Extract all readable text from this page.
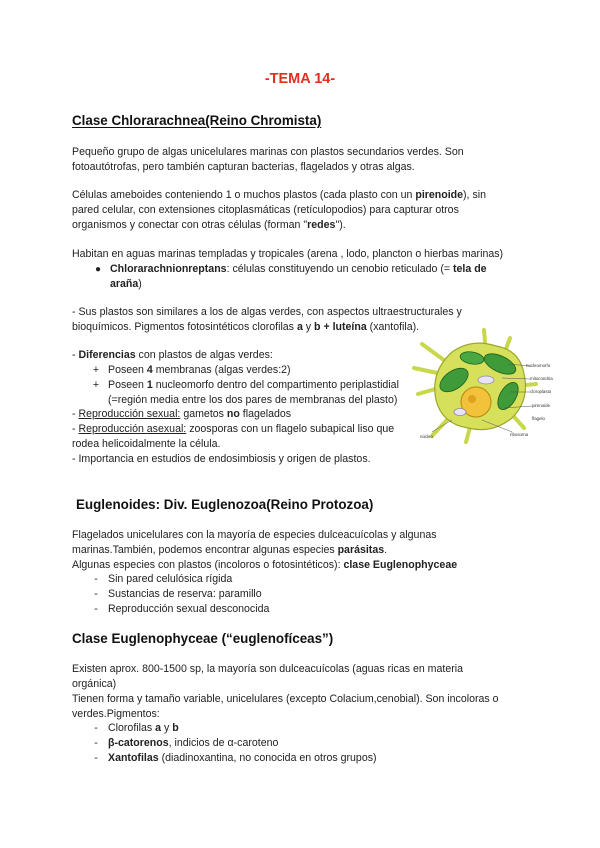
-TEMA 14-
Clase Chlorarachnea(Reino Chromista)
Pequeño grupo de algas unicelulares marinas con plastos secundarios verdes. Son
fotoautótrofas, pero también capturan bacterias, flagelados y otras algas.
Células ameboides conteniendo 1 o muchos plastos (cada plasto con un pirenoide), sin
pared celular, con extensiones citoplasmáticas (retículopodios) para capturar otros
organismos y conectar con otras células (forman "redes").
Habitan en aguas marinas templadas y tropicales (arena , lodo, plancton o hierbas marinas)
● Chlorarachnionreptans: células constituyendo un cenobio reticulado (= tela de
araña)
- Sus plastos son similares a los de algas verdes, con aspectos ultraestructurales y
bioquímicos. Pigmentos fotosintéticos clorofilas a y b + luteína (xantofila).
- Diferencias con plastos de algas verdes:
+ Poseen 4 membranas (algas verdes:2)
+ Poseen 1 nucleomorfo dentro del compartimento periplastidial
(=región media entre los dos pares de membranas del plasto)
- Reproducción sexual: gametos no flagelados
- Reproducción asexual: zoosporas con un flagelo subapical liso que
rodea helicoidalmente la célula.
- Importancia en estudios de endosimbiosis y origen de plastos.
nucleomorfo
mitocondria
cloroplasto
pirenoide
flagelo
ribosoma
núcleo
Euglenoides: Div. Euglenozoa(Reino Protozoa)
Flagelados unicelulares con la mayoría de especies dulceacuícolas y algunas
marinas.También, podemos encontrar algunas especies parásitas.
Algunas especies con plastos (incoloros o fotosintéticos): clase Euglenophyceae
- Sin pared celulósica rígida
- Sustancias de reserva: paramillo
- Reproducción sexual desconocida
Clase Euglenophyceae (“euglenofíceas”)
Existen aprox. 800-1500 sp, la mayoría son dulceacuícolas (aguas ricas en materia
orgánica)
Tienen forma y tamaño variable, unicelulares (excepto Colacium,cenobial). Son incoloras o
verdes.Pigmentos:
- Clorofilas a y b
- β-catorenos, indicios de α-caroteno
- Xantofilas (diadinoxantina, no conocida en otros grupos)
